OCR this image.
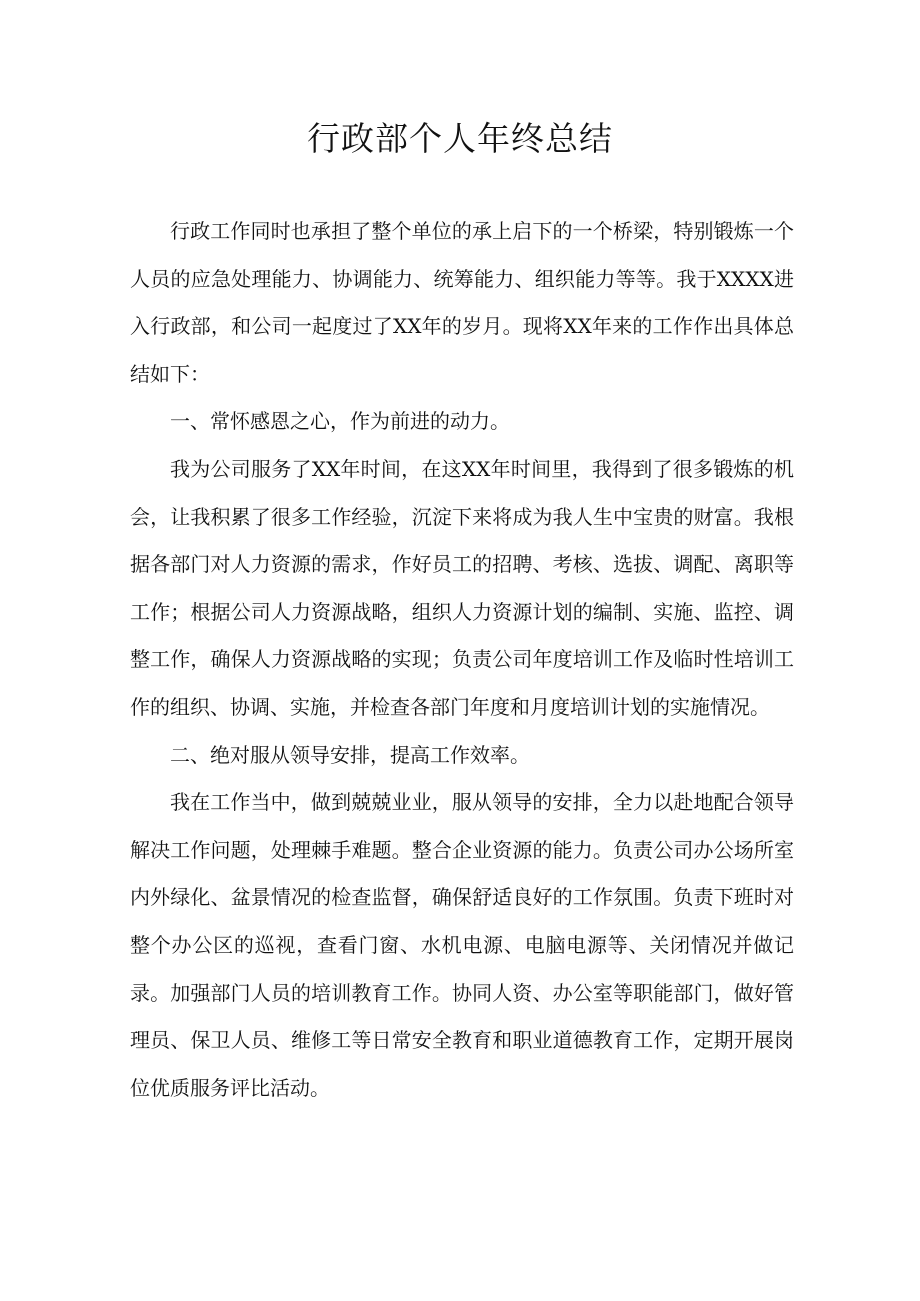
行政部个人年终总结

行政工作同时也承担了整个单位的承上启下的一个桥梁，特别锻炼一个人员的应急处理能力、协调能力、统筹能力、组织能力等等。我于XXXX进入行政部，和公司一起度过了XX年的岁月。现将XX年来的工作作出具体总结如下：

一、常怀感恩之心，作为前进的动力。

我为公司服务了XX年时间，在这XX年时间里，我得到了很多锻炼的机会，让我积累了很多工作经验，沉淀下来将成为我人生中宝贵的财富。我根据各部门对人力资源的需求，作好员工的招聘、考核、选拔、调配、离职等工作；根据公司人力资源战略，组织人力资源计划的编制、实施、监控、调整工作，确保人力资源战略的实现；负责公司年度培训工作及临时性培训工作的组织、协调、实施，并检查各部门年度和月度培训计划的实施情况。

二、绝对服从领导安排，提高工作效率。

我在工作当中，做到兢兢业业，服从领导的安排，全力以赴地配合领导解决工作问题，处理棘手难题。整合企业资源的能力。负责公司办公场所室内外绿化、盆景情况的检查监督，确保舒适良好的工作氛围。负责下班时对整个办公区的巡视，查看门窗、水机电源、电脑电源等、关闭情况并做记录。加强部门人员的培训教育工作。协同人资、办公室等职能部门，做好管理员、保卫人员、维修工等日常安全教育和职业道德教育工作，定期开展岗位优质服务评比活动。
